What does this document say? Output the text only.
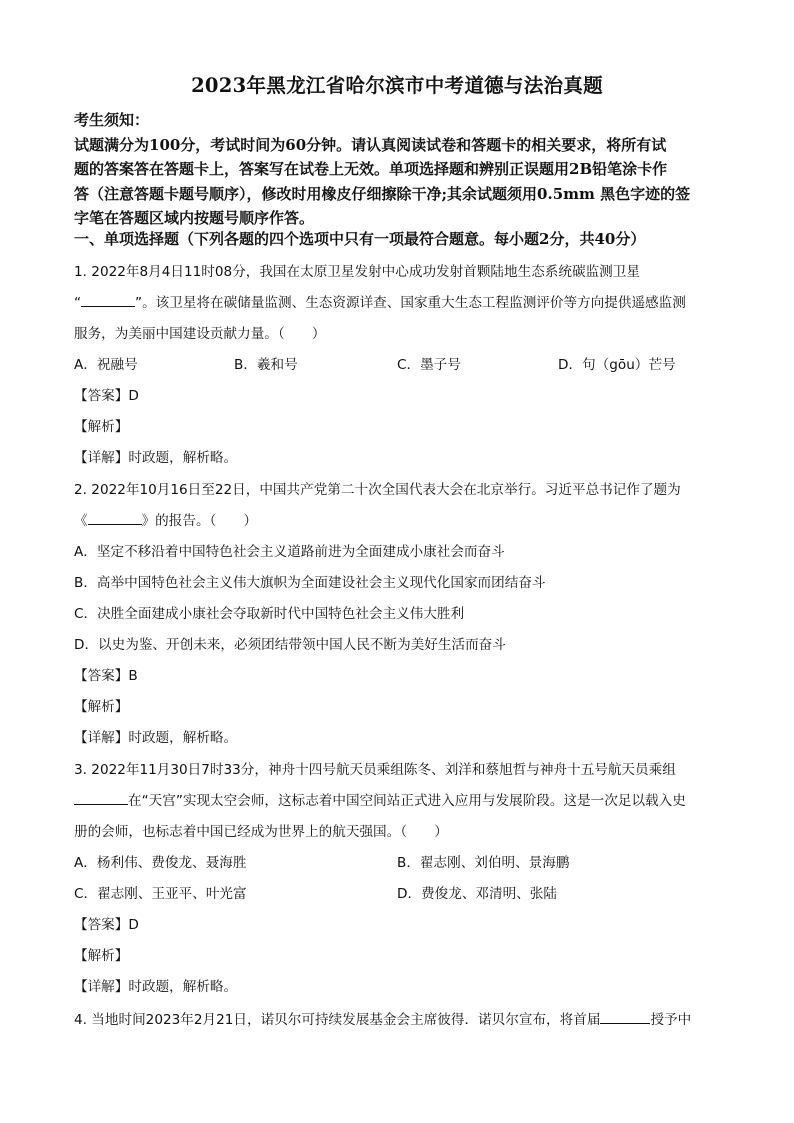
2023年黑龙江省哈尔滨市中考道德与法治真题

考生须知：

试题满分为100分，考试时间为60分钟。请认真阅读试卷和答题卡的相关要求，将所有试

题的答案答在答题卡上，答案写在试卷上无效。单项选择题和辨别正误题用2B铅笔涂卡作

答（注意答题卡题号顺序），修改时用橡皮仔细擦除干净;其余试题须用0.5mm 黑色字迹的签

字笔在答题区域内按题号顺序作答。

一、单项选择题（下列各题的四个选项中只有一项最符合题意。每小题2分，共40分）
1. 2022年8月4日11时08分，我国在太原卫星发射中心成功发射首颗陆地生态系统碳监测卫星
“	”。该卫星将在碳储量监测、生态资源详查、国家重大生态工程监测评价等方向提供遥感监测
服务，为美丽中国建设贡献力量。（　　）
A．祝融号	B．羲和号	C．墨子号	D．句（gōu）芒号
【答案】D
【解析】
【详解】时政题，解析略。
2. 2022年10月16日至22日，中国共产党第二十次全国代表大会在北京举行。习近平总书记作了题为
《	》的报告。（　　）
A．坚定不移沿着中国特色社会主义道路前进为全面建成小康社会而奋斗
B．高举中国特色社会主义伟大旗帜为全面建设社会主义现代化国家而团结奋斗
C．决胜全面建成小康社会夺取新时代中国特色社会主义伟大胜利
D．以史为鉴、开创未来，必须团结带领中国人民不断为美好生活而奋斗
【答案】B
【解析】
【详解】时政题，解析略。
3. 2022年11月30日7时33分，神舟十四号航天员乘组陈冬、刘洋和蔡旭哲与神舟十五号航天员乘组
在“天宫”实现太空会师，这标志着中国空间站正式进入应用与发展阶段。这是一次足以载入史
册的会师，也标志着中国已经成为世界上的航天强国。（　　）
A．杨利伟、费俊龙、聂海胜	B．翟志刚、刘伯明、景海鹏
C．翟志刚、王亚平、叶光富	D．费俊龙、邓清明、张陆
【答案】D
【解析】
【详解】时政题，解析略。
4. 当地时间2023年2月21日，诺贝尔可持续发展基金会主席彼得．诺贝尔宣布，将首届	授予中
